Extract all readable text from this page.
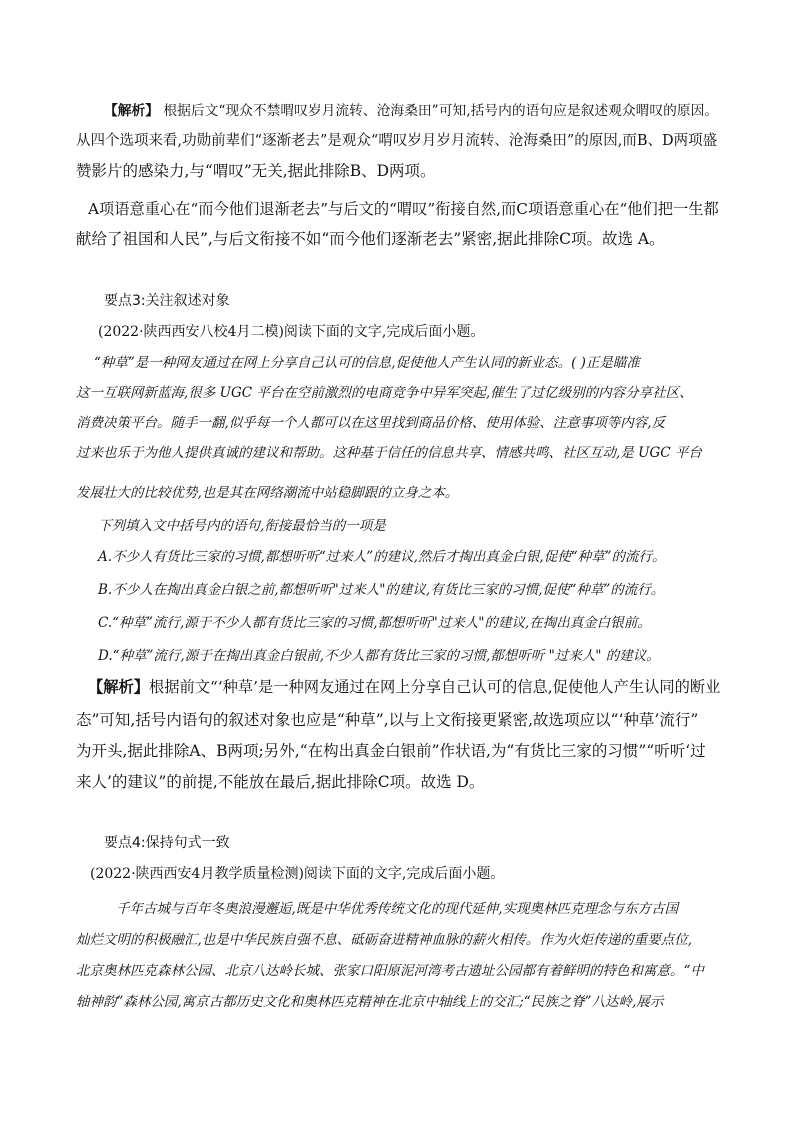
【解析】 根据后文“现众不禁喟叹岁月流转、沧海桑田”可知,括号内的语句应是叙述观众喟叹的原因。
从四个选项来看,功勋前辈们“逐渐老去”是观众“喟叹岁月岁月流转、沧海桑田”的原因,而B、D两项盛
赞影片的感染力,与“喟叹”无关,据此排除B、D两项。
A项语意重心在“而今他们退渐老去”与后文的“喟叹”衔接自然,而C项语意重心在“他们把一生都
献给了祖国和人民”,与后文衔接不如“而今他们逐渐老去”紧密,据此排除C项。故选 A。
要点3:关注叙述对象
(2022·陕西西安八校4月二模)阅读下面的文字,完成后面小题。
“种草”是一种网友通过在网上分享自己认可的信息,促使他人产生认同的新业态。( )正是瞄准
这一互联网新蓝海,很多 UGC 平台在空前激烈的电商竞争中异军突起,催生了过亿级别的内容分享社区、
消费决策平台。随手一翻,似乎每一个人都可以在这里找到商品价格、使用体验、注意事项等内容,反
过来也乐于为他人提供真诚的建议和帮助。这种基于信任的信息共享、情感共鸣、社区互动,是 UGC 平台
发展壮大的比较优势,也是其在网络潮流中站稳脚跟的立身之本。
下列填入文中括号内的语句,衔接最恰当的一项是
A.不少人有货比三家的习惯,都想听听“过来人”的建议,然后才掏出真金白银,促使“种草”的流行。
B.不少人在掏出真金白银之前,都想听听"过来人"的建议,有货比三家的习惯,促使“种草”的流行。
C.“种草”流行,源于不少人都有货比三家的习惯,都想听听"过来人"的建议,在掏出真金白银前。
D.“种草”流行,源于在掏出真金白银前,不少人都有货比三家的习惯,都想听听 "过来人" 的建议。
【解析】根据前文“‘种草’是一种网友通过在网上分享自己认可的信息,促使他人产生认同的断业
态”可知,括号内语句的叙述对象也应是“种草”,以与上文衔接更紧密,故选项应以“‘种草’流行”
为开头,据此排除A、B两项;另外,“在构出真金白银前”作状语,为“有货比三家的习惯”“听听‘过
来人’的建议”的前提,不能放在最后,据此排除C项。故选 D。
要点4:保持句式一致
(2022·陕西西安4月教学质量检测)阅读下面的文字,完成后面小题。
千年古城与百年冬奥浪漫邂逅,既是中华优秀传统文化的现代延伸,实现奥林匹克理念与东方古国
灿烂文明的积极融汇,也是中华民族自强不息、砥砺奋进精神血脉的薪火相传。作为火炬传递的重要点位,
北京奥林匹克森林公园、北京八达岭长城、张家口阳原泥河湾考古遗址公园都有着鲜明的特色和寓意。“中
轴神韵”森林公园,寓京古都历史文化和奥林匹克精神在北京中轴线上的交汇;“民族之脊”八达岭,展示
